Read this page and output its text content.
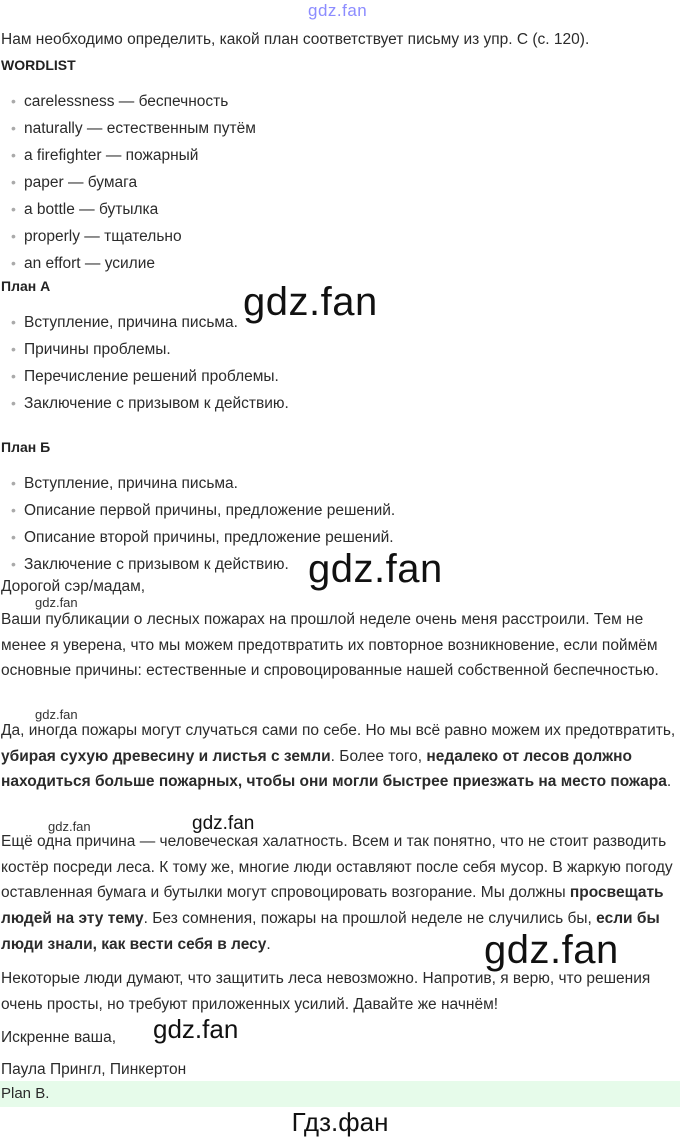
gdz.fan
Нам необходимо определить, какой план соответствует письму из упр. C (с. 120).
WORDLIST
• carelessness — беспечность
• naturally — естественным путём
• a firefighter — пожарный
• paper — бумага
• a bottle — бутылка
• properly — тщательно
• an effort — усилие
План А
• Вступление, причина письма.
• Причины проблемы.
• Перечисление решений проблемы.
• Заключение с призывом к действию.
План Б
• Вступление, причина письма.
• Описание первой причины, предложение решений.
• Описание второй причины, предложение решений.
• Заключение с призывом к действию.
Дорогой сэр/мадам,
Ваши публикации о лесных пожарах на прошлой неделе очень меня расстроили. Тем не менее я уверена, что мы можем предотвратить их повторное возникновение, если поймём основные причины: естественные и спровоцированные нашей собственной беспечностью.
Да, иногда пожары могут случаться сами по себе. Но мы всё равно можем их предотвратить, убирая сухую древесину и листья с земли. Более того, недалеко от лесов должно находиться больше пожарных, чтобы они могли быстрее приезжать на место пожара.
Ещё одна причина — человеческая халатность. Всем и так понятно, что не стоит разводить костёр посреди леса. К тому же, многие люди оставляют после себя мусор. В жаркую погоду оставленная бумага и бутылки могут спровоцировать возгорание. Мы должны просвещать людей на эту тему. Без сомнения, пожары на прошлой неделе не случились бы, если бы люди знали, как вести себя в лесу.
Некоторые люди думают, что защитить леса невозможно. Напротив, я верю, что решения очень просты, но требуют приложенных усилий. Давайте же начнём!
Искренне ваша,
Паула Прингл, Пинкертон
Plan B.
Гдз.фан
gdz.fan
gdz.fan
gdz.fan
gdz.fan
gdz.fan
gdz.fan
gdz.fan
gdz.fan
